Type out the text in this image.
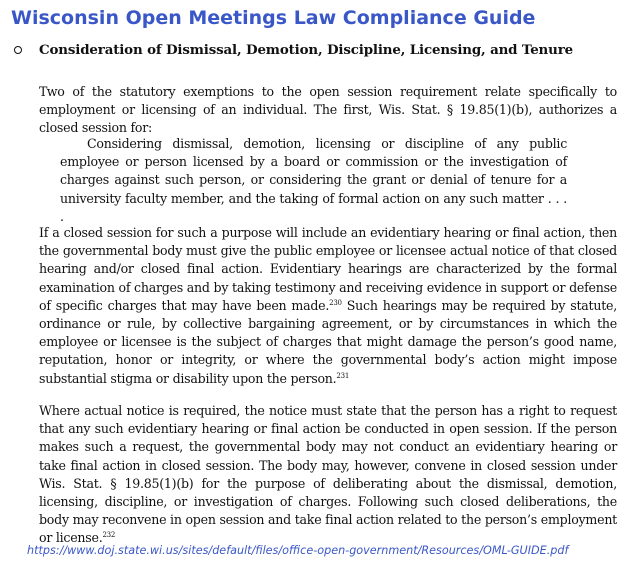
Wisconsin Open Meetings Law Compliance Guide
Consideration of Dismissal, Demotion, Discipline, Licensing, and Tenure

Two of the statutory exemptions to the open session requirement relate specifically to employment or licensing of an individual. The first, Wis. Stat. § 19.85(1)(b), authorizes a closed session for:

Considering dismissal, demotion, licensing or discipline of any public employee or person licensed by a board or commission or the investigation of charges against such person, or considering the grant or denial of tenure for a university faculty member, and the taking of formal action on any such matter . . . .

If a closed session for such a purpose will include an evidentiary hearing or final action, then the governmental body must give the public employee or licensee actual notice of that closed hearing and/or closed final action. Evidentiary hearings are characterized by the formal examination of charges and by taking testimony and receiving evidence in support or defense of specific charges that may have been made.$^{230}$ Such hearings may be required by statute, ordinance or rule, by collective bargaining agreement, or by circumstances in which the employee or licensee is the subject of charges that might damage the person’s good name, reputation, honor or integrity, or where the governmental body’s action might impose substantial stigma or disability upon the person.$^{231}$

Where actual notice is required, the notice must state that the person has a right to request that any such evidentiary hearing or final action be conducted in open session. If the person makes such a request, the governmental body may not conduct an evidentiary hearing or take final action in closed session. The body may, however, convene in closed session under Wis. Stat. § 19.85(1)(b) for the purpose of deliberating about the dismissal, demotion, licensing, discipline, or investigation of charges. Following such closed deliberations, the body may reconvene in open session and take final action related to the person’s employment or license.$^{232}$

https://www.doj.state.wi.us/sites/default/files/office-open-government/Resources/OML-GUIDE.pdf
